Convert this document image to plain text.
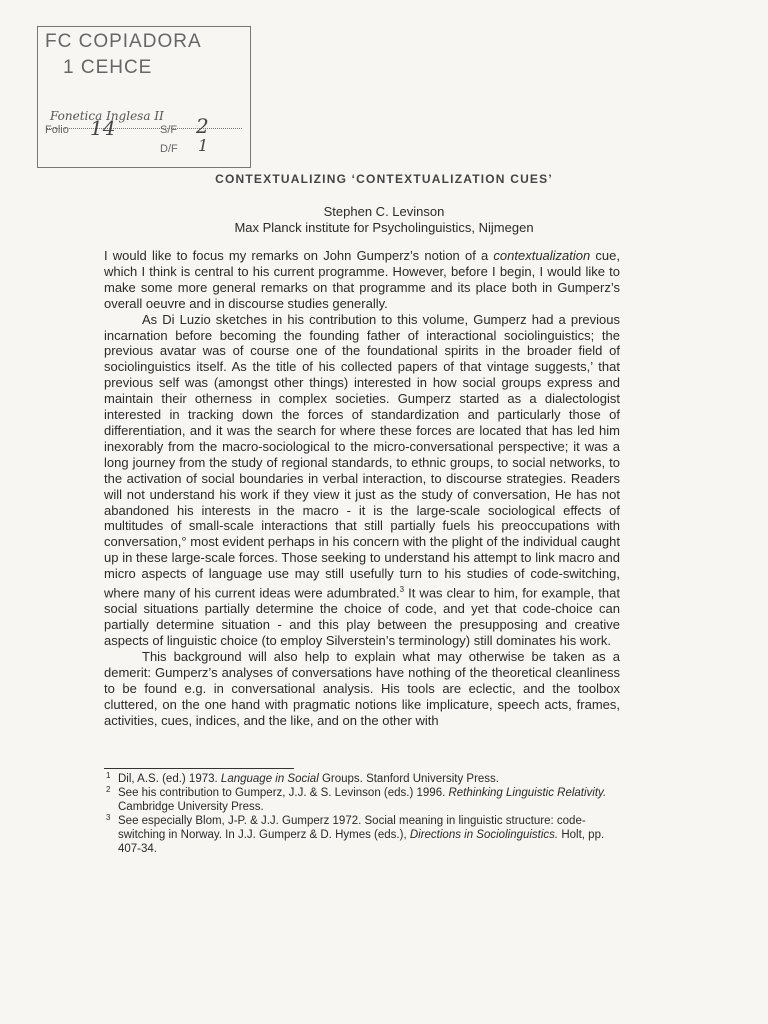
FC COPIADORA
1 CEHCE
Fonetica Inglesa II
Folio 14	S/F 2
D/F 1
CONTEXTUALIZING ‘CONTEXTUALIZATION CUES’
Stephen C. Levinson
Max Planck institute for Psycholinguistics, Nijmegen

I would like to focus my remarks on John Gumperz’s notion of a contextualization cue, which I think is central to his current programme. However, before I begin, I would like to make some more general remarks on that programme and its place both in Gumperz’s overall oeuvre and in discourse studies generally.

As Di Luzio sketches in his contribution to this volume, Gumperz had a previous incarnation before becoming the founding father of interactional sociolinguistics; the previous avatar was of course one of the foundational spirits in the broader field of sociolinguistics itself. As the title of his collected papers of that vintage suggests,’ that previous self was (amongst other things) interested in how social groups express and maintain their otherness in complex societies. Gumperz started as a dialectologist interested in tracking down the forces of standardization and particularly those of differentiation, and it was the search for where these forces are located that has led him inexorably from the macro-sociological to the micro-conversational perspective; it was a long journey from the study of regional standards, to ethnic groups, to social networks, to the activation of social boundaries in verbal interaction, to discourse strategies. Readers will not understand his work if they view it just as the study of conversation, He has not abandoned his interests in the macro - it is the large-scale sociological effects of multitudes of small-scale interactions that still partially fuels his preoccupations with conversation,° most evident perhaps in his concern with the plight of the individual caught up in these large-scale forces. Those seeking to understand his attempt to link macro and micro aspects of language use may still usefully turn to his studies of code-switching, where many of his current ideas were adumbrated.$^3$ It was clear to him, for example, that social situations partially determine the choice of code, and yet that code-choice can partially determine situation - and this play between the presupposing and creative aspects of linguistic choice (to employ Silverstein’s terminology) still dominates his work.

This background will also help to explain what may otherwise be taken as a demerit: Gumperz’s analyses of conversations have nothing of the theoretical cleanliness to be found e.g. in conversational analysis. His tools are eclectic, and the toolbox cluttered, on the one hand with pragmatic notions like implicature, speech acts, frames, activities, cues, indices, and the like, and on the other with

1 Dil, A.S. (ed.) 1973. Language in Social Groups. Stanford University Press.

2 See his contribution to Gumperz, J.J. & S. Levinson (eds.) 1996. Rethinking Linguistic Relativity. Cambridge University Press.

3 See especially Blom, J-P. & J.J. Gumperz 1972. Social meaning in linguistic structure: code-switching in Norway. In J.J. Gumperz & D. Hymes (eds.), Directions in Sociolinguistics. Holt, pp. 407-34.
